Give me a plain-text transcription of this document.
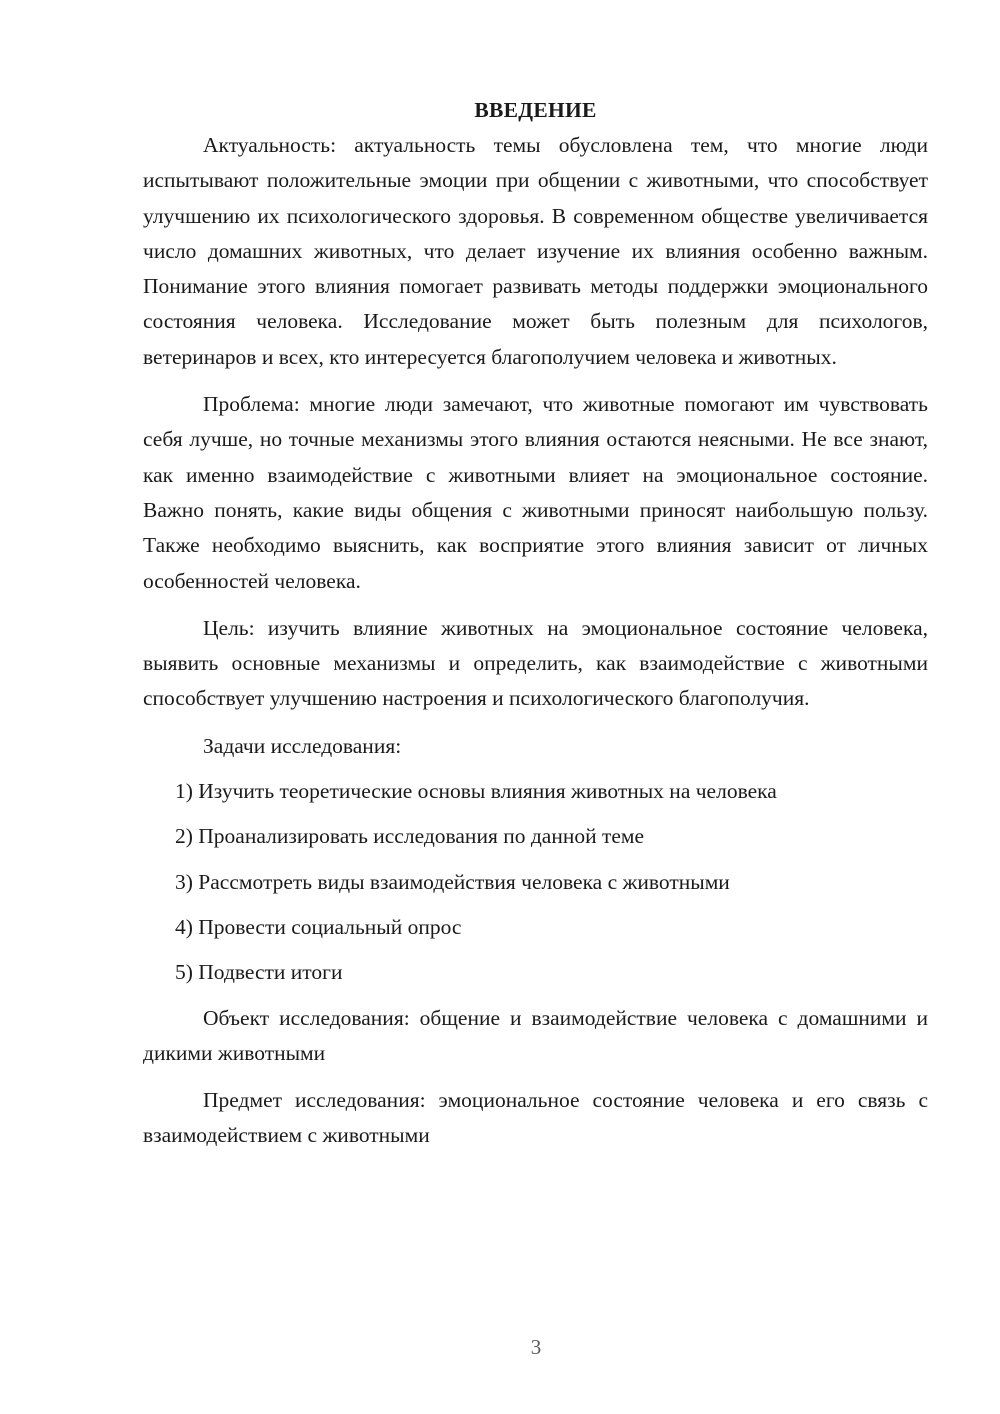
ВВЕДЕНИЕ

Актуальность: актуальность темы обусловлена тем, что многие люди испытывают положительные эмоции при общении с животными, что способствует улучшению их психологического здоровья. В современном обществе увеличивается число домашних животных, что делает изучение их влияния особенно важным. Понимание этого влияния помогает развивать методы поддержки эмоционального состояния человека. Исследование может быть полезным для психологов, ветеринаров и всех, кто интересуется благополучием человека и животных.

Проблема: многие люди замечают, что животные помогают им чувствовать себя лучше, но точные механизмы этого влияния остаются неясными. Не все знают, как именно взаимодействие с животными влияет на эмоциональное состояние. Важно понять, какие виды общения с животными приносят наибольшую пользу. Также необходимо выяснить, как восприятие этого влияния зависит от личных особенностей человека.

Цель: изучить влияние животных на эмоциональное состояние человека, выявить основные механизмы и определить, как взаимодействие с животными способствует улучшению настроения и психологического благополучия.

Задачи исследования:

1) Изучить теоретические основы влияния животных на человека
2) Проанализировать исследования по данной теме
3) Рассмотреть виды взаимодействия человека с животными
4) Провести социальный опрос
5) Подвести итоги

Объект исследования: общение и взаимодействие человека с домашними и дикими животными

Предмет исследования: эмоциональное состояние человека и его связь с взаимодействием с животными

3
